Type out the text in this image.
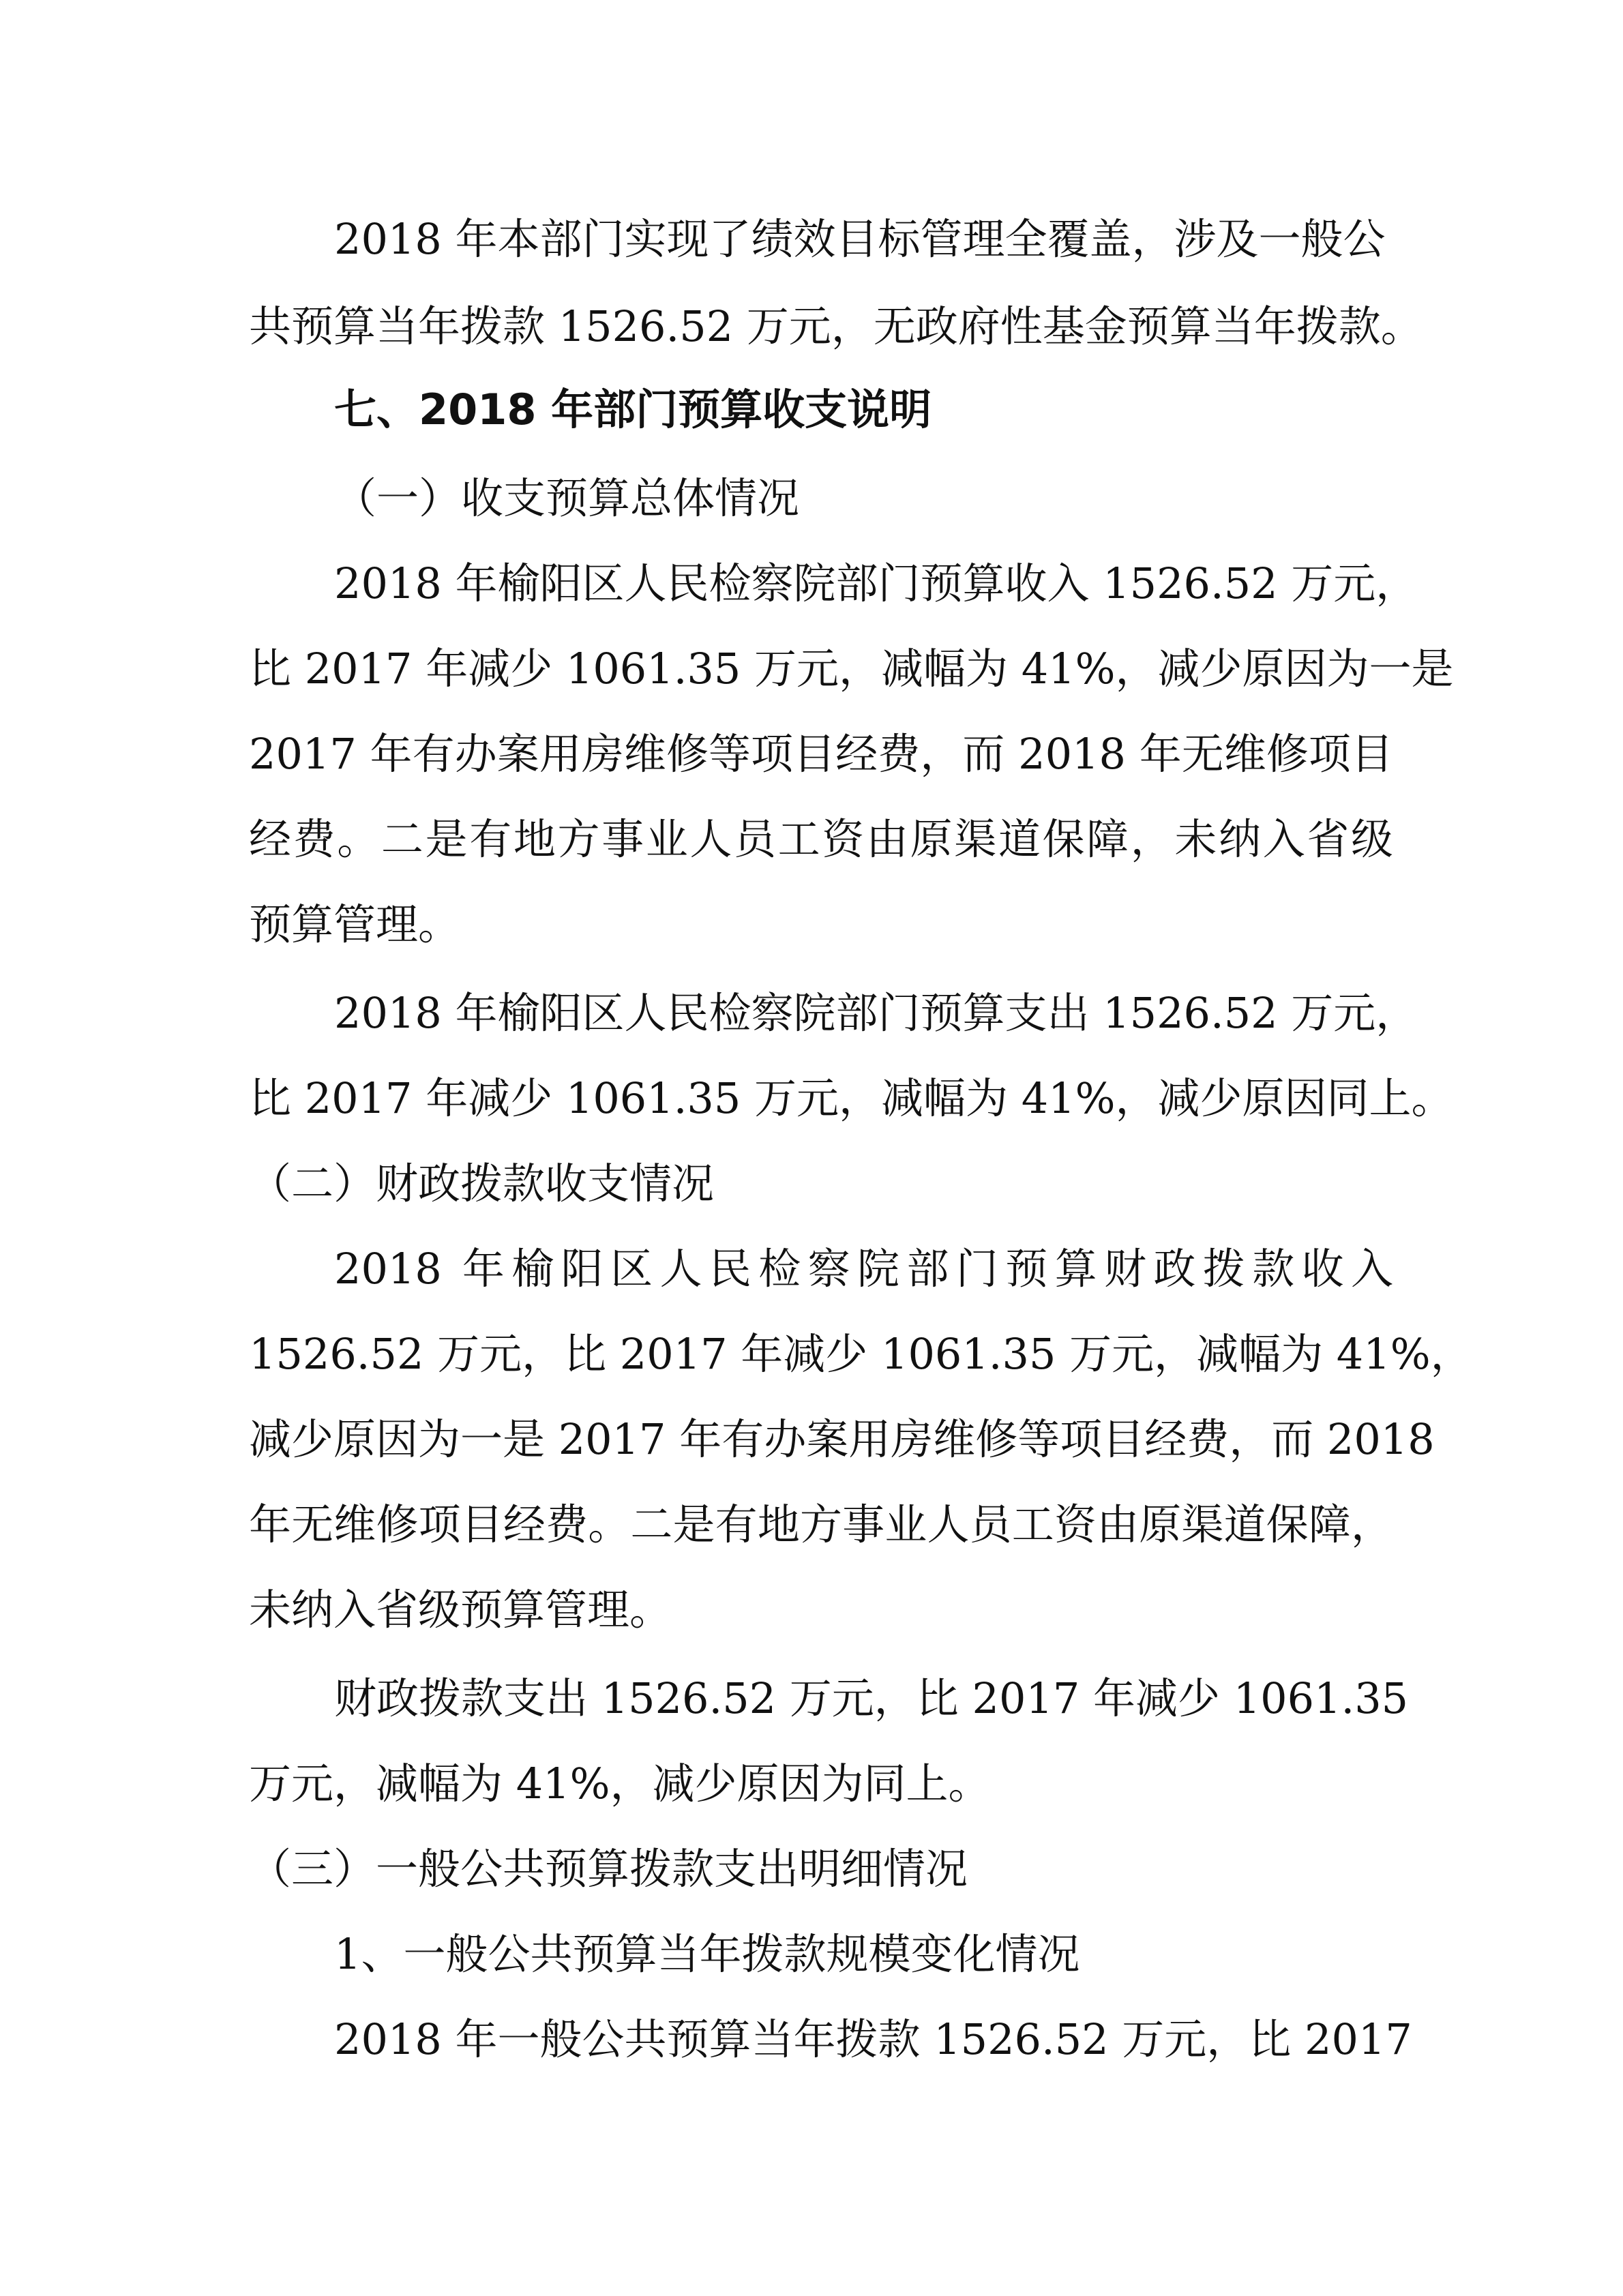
2018 年本部门实现了绩效目标管理全覆盖，涉及一般公
共预算当年拨款 1526.52 万元，无政府性基金预算当年拨款。
七、2018 年部门预算收支说明
（一）收支预算总体情况
2018 年榆阳区人民检察院部门预算收入 1526.52 万元，
比 2017 年减少 1061.35 万元，减幅为 41%，减少原因为一是
2017 年有办案用房维修等项目经费，而 2018 年无维修项目
经费。二是有地方事业人员工资由原渠道保障，未纳入省级
预算管理。
2018 年榆阳区人民检察院部门预算支出 1526.52 万元，
比 2017 年减少 1061.35 万元，减幅为 41%，减少原因同上。
（二）财政拨款收支情况
2018 年榆阳区人民检察院部门预算财政拨款收入
1526.52 万元，比 2017 年减少 1061.35 万元，减幅为 41%，
减少原因为一是 2017 年有办案用房维修等项目经费，而 2018
年无维修项目经费。二是有地方事业人员工资由原渠道保障，
未纳入省级预算管理。
财政拨款支出 1526.52 万元，比 2017 年减少 1061.35
万元，减幅为 41%，减少原因为同上。
（三）一般公共预算拨款支出明细情况
1、一般公共预算当年拨款规模变化情况
2018 年一般公共预算当年拨款 1526.52 万元，比 2017
